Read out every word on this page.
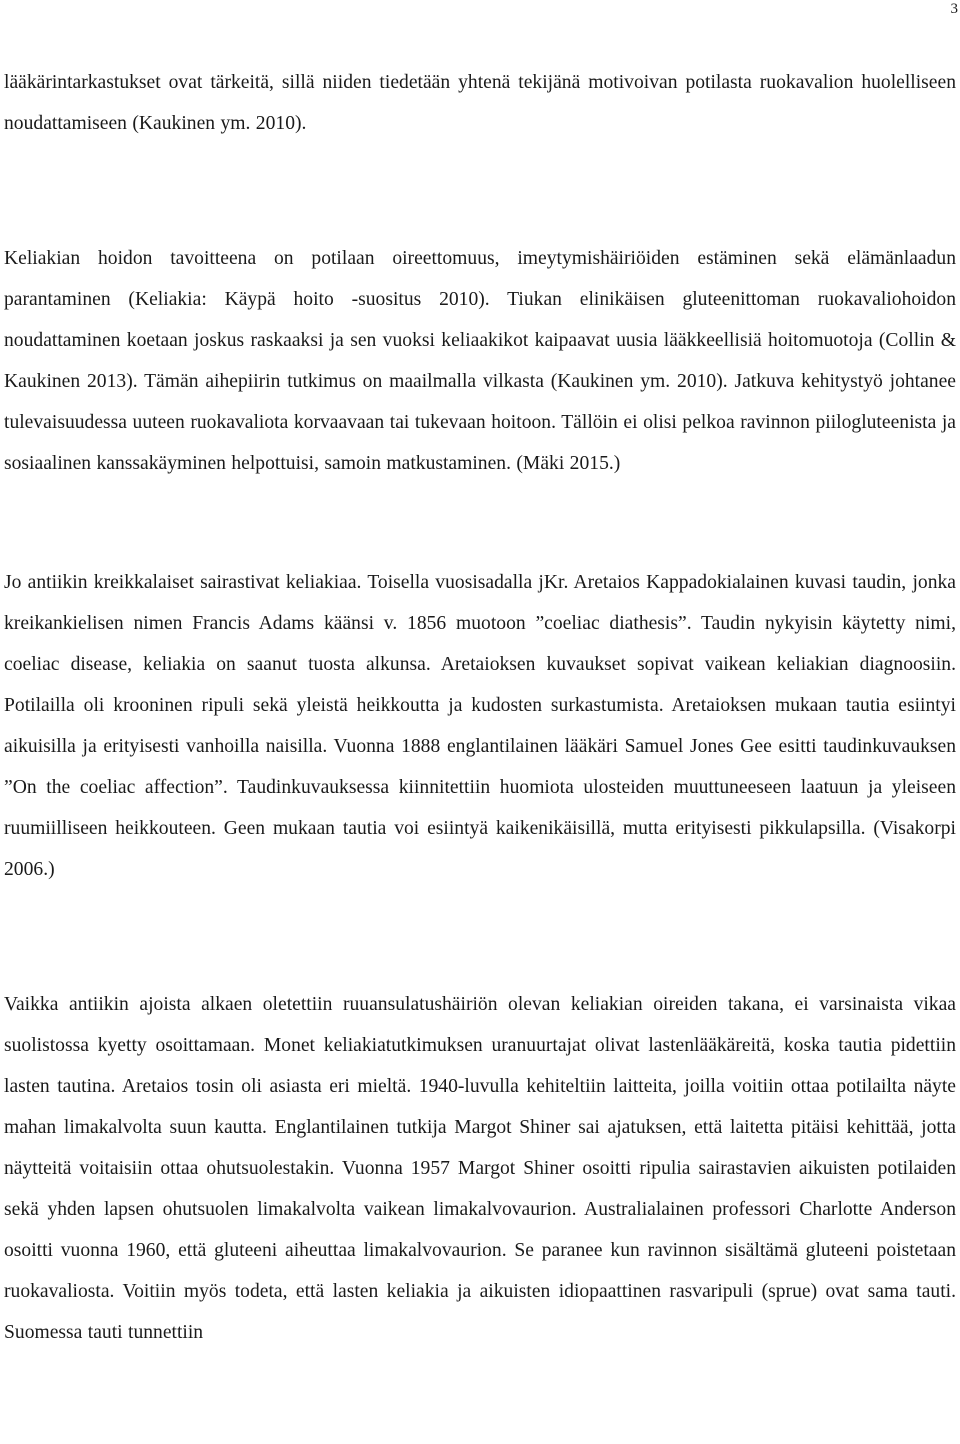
3

lääkärintarkastukset ovat tärkeitä, sillä niiden tiedetään yhtenä tekijänä motivoivan potilasta ruokavalion huolelliseen noudattamiseen (Kaukinen ym. 2010).

Keliakian hoidon tavoitteena on potilaan oireettomuus, imeytymishäiriöiden estäminen sekä elämänlaadun parantaminen (Keliakia: Käypä hoito -suositus 2010). Tiukan elinikäisen gluteenittoman ruokavaliohoidon noudattaminen koetaan joskus raskaaksi ja sen vuoksi keliaakikot kaipaavat uusia lääkkeellisiä hoitomuotoja (Collin & Kaukinen 2013). Tämän aihepiirin tutkimus on maailmalla vilkasta (Kaukinen ym. 2010). Jatkuva kehitystyö johtanee tulevaisuudessa uuteen ruokavaliota korvaavaan tai tukevaan hoitoon. Tällöin ei olisi pelkoa ravinnon piilogluteenista ja sosiaalinen kanssakäyminen helpottuisi, samoin matkustaminen. (Mäki 2015.)

Jo antiikin kreikkalaiset sairastivat keliakiaa. Toisella vuosisadalla jKr. Aretaios Kappadokialainen kuvasi taudin, jonka kreikankielisen nimen Francis Adams käänsi v. 1856 muotoon ”coeliac diathesis”. Taudin nykyisin käytetty nimi, coeliac disease, keliakia on saanut tuosta alkunsa. Aretaioksen kuvaukset sopivat vaikean keliakian diagnoosiin. Potilailla oli krooninen ripuli sekä yleistä heikkoutta ja kudosten surkastumista. Aretaioksen mukaan tautia esiintyi aikuisilla ja erityisesti vanhoilla naisilla. Vuonna 1888 englantilainen lääkäri Samuel Jones Gee esitti taudinkuvauksen ”On the coeliac affection”. Taudinkuvauksessa kiinnitettiin huomiota ulosteiden muuttuneeseen laatuun ja yleiseen ruumiilliseen heikkouteen. Geen mukaan tautia voi esiintyä kaikenikäisillä, mutta erityisesti pikkulapsilla. (Visakorpi 2006.)

Vaikka antiikin ajoista alkaen oletettiin ruuansulatushäiriön olevan keliakian oireiden takana, ei varsinaista vikaa suolistossa kyetty osoittamaan. Monet keliakiatutkimuksen uranuurtajat olivat lastenlääkäreitä, koska tautia pidettiin lasten tautina. Aretaios tosin oli asiasta eri mieltä. 1940-luvulla kehiteltiin laitteita, joilla voitiin ottaa potilailta näyte mahan limakalvolta suun kautta. Englantilainen tutkija Margot Shiner sai ajatuksen, että laitetta pitäisi kehittää, jotta näytteitä voitaisiin ottaa ohutsuolestakin. Vuonna 1957 Margot Shiner osoitti ripulia sairastavien aikuisten potilaiden sekä yhden lapsen ohutsuolen limakalvolta vaikean limakalvovaurion. Australialainen professori Charlotte Anderson osoitti vuonna 1960, että gluteeni aiheuttaa limakalvovaurion. Se paranee kun ravinnon sisältämä gluteeni poistetaan ruokavaliosta. Voitiin myös todeta, että lasten keliakia ja aikuisten idiopaattinen rasvaripuli (sprue) ovat sama tauti. Suomessa tauti tunnettiin
